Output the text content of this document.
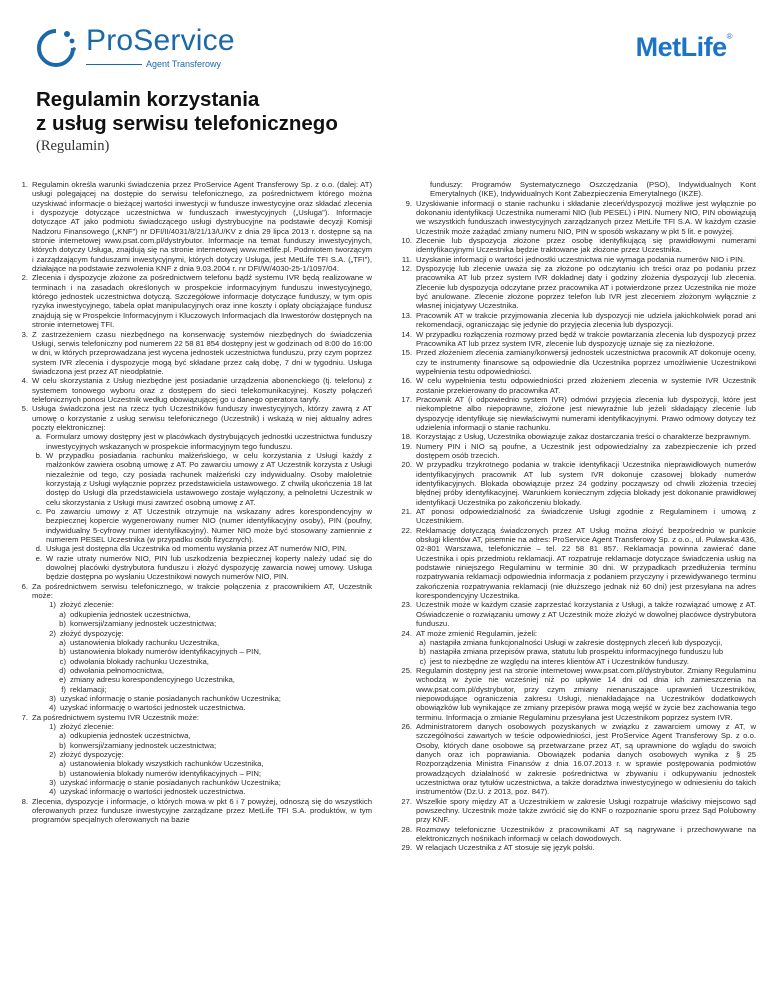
ProService
Agent Transferowy
MetLife®
Regulamin korzystania
z usług serwisu telefonicznego
(Regulamin)
1. Regulamin określa warunki świadczenia przez ProService Agent Transferowy Sp. z o.o. (dalej: AT) usługi polegającej na dostępie do serwisu telefonicznego, za pośrednictwem którego można uzyskiwać informacje o bieżącej wartości inwestycji w fundusze inwestycyjne oraz składać zlecenia i dyspozycje dotyczące uczestnictwa w funduszach inwestycyjnych („Usługa”). Informacje dotyczące AT jako podmiotu świadczącego usługi dystrybucyjne na podstawie decyzji Komisji Nadzoru Finansowego („KNF”) nr DFI/II/4031/8/21/13/U/KV z dnia 29 lipca 2013 r. dostępne są na stronie internetowej www.psat.com.pl/dystrybutor. Informacje na temat funduszy inwestycyjnych, których dotyczy Usługa, znajdują się na stronie internetowej www.metlife.pl. Podmiotem tworzącym i zarządzającym funduszami inwestycyjnymi, których dotyczy Usługa, jest MetLife TFI S.A. („TFI”), działające na podstawie zezwolenia KNF z dnia 9.03.2004 r. nr DFI/W/4030-25-1/1097/04.
2. Zlecenia i dyspozycje złożone za pośrednictwem telefonu bądź systemu IVR będą realizowane w terminach i na zasadach określonych w prospekcie informacyjnym funduszu inwestycyjnego, którego jednostek uczestnictwa dotyczą. Szczegółowe informacje dotyczące funduszy, w tym opis ryzyka inwestycyjnego, tabela opłat manipulacyjnych oraz inne koszty i opłaty obciążające fundusz znajdują się w Prospekcie Informacyjnym i Kluczowych Informacjach dla Inwestorów dostępnych na stronie internetowej TFI.
3. Z zastrzeżeniem czasu niezbędnego na konserwację systemów niezbędnych do świadczenia Usługi, serwis telefoniczny pod numerem 22 58 81 854 dostępny jest w godzinach od 8:00 do 16:00 w dni, w których przeprowadzana jest wycena jednostek uczestnictwa funduszu, przy czym poprzez system IVR zlecenia i dyspozycje mogą być składane przez całą dobę, 7 dni w tygodniu. Usługa świadczona jest przez AT nieodpłatnie.
4. W celu skorzystania z Usług niezbędne jest posiadanie urządzenia abonenckiego (tj. telefonu) z systemem tonowego wyboru oraz z dostępem do sieci telekomunikacyjnej. Koszty połączeń telefonicznych ponosi Uczestnik według obowiązującej go u danego operatora taryfy.
5. Usługa świadczona jest na rzecz tych Uczestników funduszy inwestycyjnych, którzy zawrą z AT umowę o korzystanie z usług serwisu telefonicznego (Uczestnik) i wskażą w niej aktualny adres poczty elektronicznej:
a. Formularz umowy dostępny jest w placówkach dystrybujących jednostki uczestnictwa funduszy inwestycyjnych wskazanych w prospekcie informacyjnym tego funduszu.
b. W przypadku posiadania rachunku małżeńskiego, w celu korzystania z Usługi każdy z małżonków zawiera osobną umowę z AT. Po zawarciu umowy z AT Uczestnik korzysta z Usługi niezależnie od tego, czy posiada rachunek małżeński czy indywidualny. Osoby małoletnie korzystają z Usługi wyłącznie poprzez przedstawiciela ustawowego. Z chwilą ukończenia 18 lat dostęp do Usługi dla przedstawiciela ustawowego zostaje wyłączony, a pełnoletni Uczestnik w celu skorzystania z Usługi musi zawrzeć osobną umowę z AT.
c. Po zawarciu umowy z AT Uczestnik otrzymuje na wskazany adres korespondencyjny w bezpiecznej kopercie wygenerowany numer NIO (numer identyfikacyjny osoby), PIN (poufny, indywidualny 5-cyfrowy numer identyfikacyjny). Numer NIO może być stosowany zamiennie z numerem PESEL Uczestnika (w przypadku osób fizycznych).
d. Usługa jest dostępna dla Uczestnika od momentu wysłania przez AT numerów NIO, PIN.
e. W razie utraty numerów NIO, PIN lub uszkodzenia bezpiecznej koperty należy udać się do dowolnej placówki dystrybutora funduszu i złożyć dyspozycję zawarcia nowej umowy. Usługa będzie dostępna po wysłaniu Uczestnikowi nowych numerów NIO, PIN.
6. Za pośrednictwem serwisu telefonicznego, w trakcie połączenia z pracownikiem AT, Uczestnik może:
1) złożyć zlecenie:
a) odkupienia jednostek uczestnictwa,
b) konwersji/zamiany jednostek uczestnictwa;
2) złożyć dyspozycję:
a) ustanowienia blokady rachunku Uczestnika,
b) ustanowienia blokady numerów identyfikacyjnych – PIN,
c) odwołania blokady rachunku Uczestnika,
d) odwołania pełnomocnictwa,
e) zmiany adresu korespondencyjnego Uczestnika,
f) reklamacji;
3) uzyskać informację o stanie posiadanych rachunków Uczestnika;
4) uzyskać informację o wartości jednostek uczestnictwa.
7. Za pośrednictwem systemu IVR Uczestnik może:
1) złożyć zlecenie:
a) odkupienia jednostek uczestnictwa,
b) konwersji/zamiany jednostek uczestnictwa;
2) złożyć dyspozycję:
a) ustanowienia blokady wszystkich rachunków Uczestnika,
b) ustanowienia blokady numerów identyfikacyjnych – PIN;
3) uzyskać informację o stanie posiadanych rachunków Uczestnika;
4) uzyskać informację o wartości jednostek uczestnictwa.
8. Zlecenia, dyspozycje i informacje, o których mowa w pkt 6 i 7 powyżej, odnoszą się do wszystkich oferowanych przez fundusze inwestycyjne zarządzane przez MetLife TFI S.A. produktów, w tym programów specjalnych oferowanych na bazie
funduszy: Programów Systematycznego Oszczędzania (PSO), Indywidualnych Kont Emerytalnych (IKE), Indywidualnych Kont Zabezpieczenia Emerytalnego (IKZE).
9. Uzyskiwanie informacji o stanie rachunku i składanie zleceń/dyspozycji możliwe jest wyłącznie po dokonaniu identyfikacji Uczestnika numerami NIO (lub PESEL) i PIN. Numery NIO, PIN obowiązują we wszystkich funduszach inwestycyjnych zarządzanych przez MetLife TFI S.A. W każdym czasie Uczestnik może zażądać zmiany numeru NIO, PIN w sposób wskazany w pkt 5 lit. e powyżej.
10. Zlecenie lub dyspozycja złożone przez osobę identyfikującą się prawidłowymi numerami identyfikacyjnymi Uczestnika będzie traktowane jak złożone przez Uczestnika.
11. Uzyskanie informacji o wartości jednostki uczestnictwa nie wymaga podania numerów NIO i PIN.
12. Dyspozycję lub zlecenie uważa się za złożone po odczytaniu ich treści oraz po podaniu przez pracownika AT lub przez system IVR dokładnej daty i godziny złożenia dyspozycji lub zlecenia. Zlecenie lub dyspozycja odczytane przez pracownika AT i potwierdzone przez Uczestnika nie może być anulowane. Zlecenie złożone poprzez telefon lub IVR jest zleceniem złożonym wyłącznie z własnej inicjatywy Uczestnika.
13. Pracownik AT w trakcie przyjmowania zlecenia lub dyspozycji nie udziela jakichkolwiek porad ani rekomendacji, ograniczając się jedynie do przyjęcia zlecenia lub dyspozycji.
14. W przypadku rozłączenia rozmowy przed będź w trakcie powtarzania zlecenia lub dyspozycji przez Pracownika AT lub przez system IVR, zlecenie lub dyspozycję uznaje się za niezłożone.
15. Przed złożeniem zlecenia zamiany/konwersji jednostek uczestnictwa pracownik AT dokonuje oceny, czy te instrumenty finansowe są odpowiednie dla Uczestnika poprzez umożliwienie Uczestnikowi wypełnienia testu odpowiedniości.
16. W celu wypełnienia testu odpowiedniości przed złożeniem zlecenia w systemie IVR Uczestnik zostanie przekierowany do pracownika AT.
17. Pracownik AT (i odpowiednio system IVR) odmówi przyjęcia zlecenia lub dyspozycji, które jest niekompletne albo niepoprawne, złożone jest niewyraźnie lub jeżeli składający zlecenie lub dyspozycję identyfikuje się niewłaściwymi numerami identyfikacyjnymi. Prawo odmowy dotyczy też udzielenia informacji o stanie rachunku.
18. Korzystając z Usług, Uczestnika obowiązuje zakaz dostarczania treści o charakterze bezprawnym.
19. Numery PIN i NIO są poufne, a Uczestnik jest odpowiedzialny za zabezpieczenie ich przed dostępem osób trzecich.
20. W przypadku trzykrotnego podania w trakcie identyfikacji Uczestnika nieprawidłowych numerów identyfikacyjnych pracownik AT lub system IVR dokonuje czasowej blokady numerów identyfikacyjnych. Blokada obowiązuje przez 24 godziny począwszy od chwili złożenia trzeciej błędnej próby identyfikacyjnej. Warunkiem koniecznym zdjęcia blokady jest dokonanie prawidłowej identyfikacji Uczestnika po zakończeniu blokady.
21. AT ponosi odpowiedzialność za świadczenie Usługi zgodnie z Regulaminem i umową z Uczestnikiem.
22. Reklamację dotyczącą świadczonych przez AT Usług można złożyć bezpośrednio w punkcie obsługi klientów AT, pisemnie na adres: ProService Agent Transferowy Sp. z o.o., ul. Puławska 436, 02-801 Warszawa, telefonicznie – tel. 22 58 81 857. Reklamacja powinna zawierać dane Uczestnika i opis przedmiotu reklamacji. AT rozpatruje reklamacje dotyczące świadczenia usług na podstawie niniejszego Regulaminu w terminie 30 dni. W przypadkach przedłużenia terminu rozpatrywania reklamacji odpowiednia informacja z podaniem przyczyny i przewidywanego terminu zakończenia rozpatrywania reklamacji (nie dłuższego jednak niż 60 dni) jest przesyłana na adres korespondencyjny Uczestnika.
23. Uczestnik może w każdym czasie zaprzestać korzystania z Usługi, a także rozwiązać umowę z AT. Oświadczenie o rozwiązaniu umowy z AT Uczestnik może złożyć w dowolnej placówce dystrybutora funduszu.
24. AT może zmienić Regulamin, jeżeli:
a) nastąpiła zmiana funkcjonalności Usługi w zakresie dostępnych zleceń lub dyspozycji,
b) nastąpiła zmiana przepisów prawa, statutu lub prospektu informacyjnego funduszu lub
c) jest to niezbędne ze względu na interes klientów AT i Uczestników funduszy.
25. Regulamin dostępny jest na stronie internetowej www.psat.com.pl/dystrybutor. Zmiany Regulaminu wchodzą w życie nie wcześniej niż po upływie 14 dni od dnia ich zamieszczenia na www.psat.com.pl/dystrybutor, przy czym zmiany nienaruszające uprawnień Uczestników, niepowodujące ograniczenia zakresu Usługi, nienakładające na Uczestników dodatkowych obowiązków lub wynikające ze zmiany przepisów prawa mogą wejść w życie bez zachowania tego terminu. Informacja o zmianie Regulaminu przesyłana jest Uczestnikom poprzez system IVR.
26. Administratorem danych osobowych pozyskanych w związku z zawarciem umowy z AT, w szczególności zawartych w teście odpowiedniości, jest ProService Agent Transferowy Sp. z o.o. Osoby, których dane osobowe są przetwarzane przez AT, są uprawnione do wglądu do swoich danych oraz ich poprawiania. Obowiązek podania danych osobowych wynika z § 25 Rozporządzenia Ministra Finansów z dnia 16.07.2013 r. w sprawie postępowania podmiotów prowadzących działalność w zakresie pośrednictwa w zbywaniu i odkupywaniu jednostek uczestnictwa oraz tytułów uczestnictwa, a także doradztwa inwestycyjnego w odniesieniu do takich instrumentów (Dz.U. z 2013, poz. 847).
27. Wszelkie spory między AT a Uczestnikiem w zakresie Usługi rozpatruje właściwy miejscowo sąd powszechny. Uczestnik może także zwrócić się do KNF o rozpoznanie sporu przez Sąd Polubowny przy KNF.
28. Rozmowy telefoniczne Uczestników z pracownikami AT są nagrywane i przechowywane na elektronicznych nośnikach informacji w celach dowodowych.
29. W relacjach Uczestnika z AT stosuje się język polski.
